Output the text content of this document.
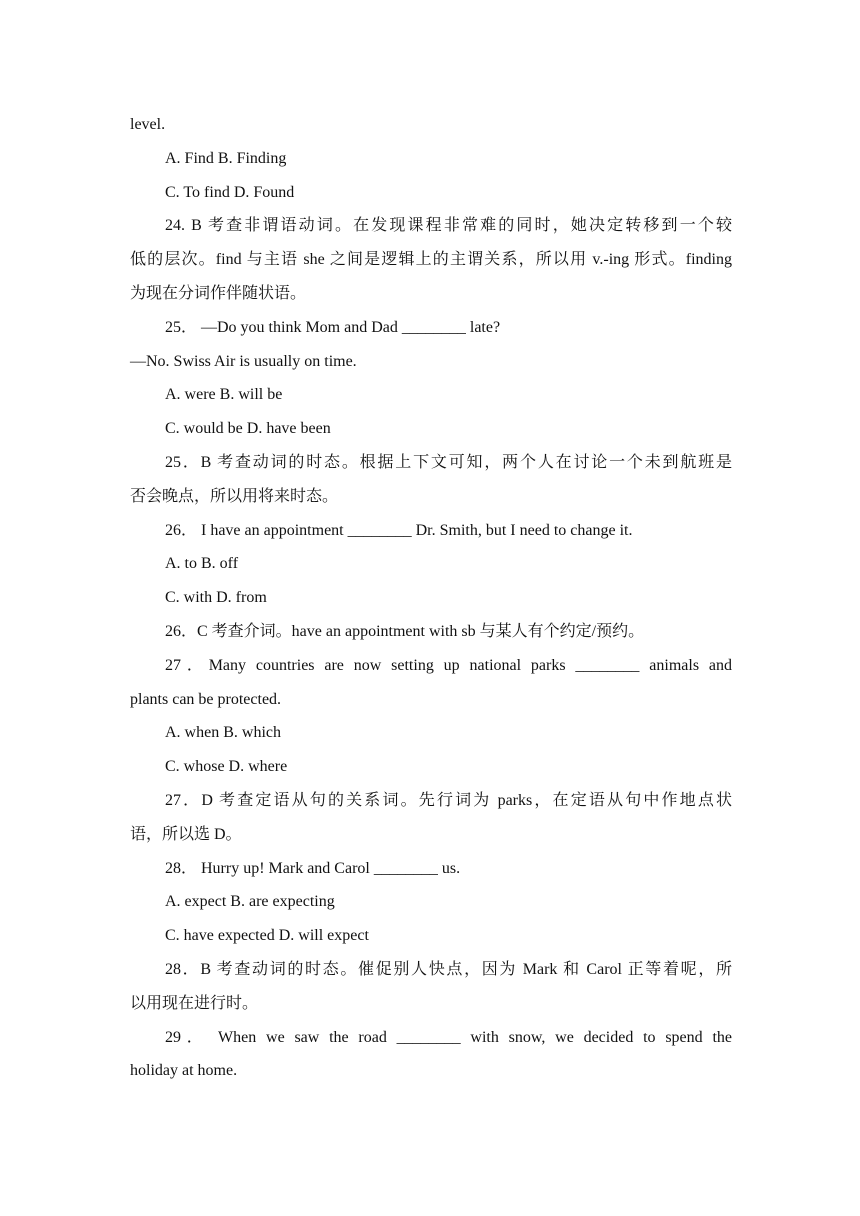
level.
A. Find B. Finding
C. To find D. Found
24. B 考查非谓语动词。在发现课程非常难的同时，她决定转移到一个较
低的层次。find 与主语 she 之间是逻辑上的主谓关系，所以用 v.-ing 形式。finding
为现在分词作伴随状语。
25． —Do you think Mom and Dad ________ late?
—No. Swiss Air is usually on time.
A. were B. will be
C. would be D. have been
25．B 考查动词的时态。根据上下文可知，两个人在讨论一个未到航班是
否会晚点，所以用将来时态。
26． I have an appointment ________ Dr. Smith, but I need to change it.
A. to B. off
C. with D. from
26．C 考查介词。have an appointment with sb 与某人有个约定/预约。
27．Many countries are now setting up national parks ________ animals and
plants can be protected.
A. when B. which
C. whose D. where
27．D 考查定语从句的关系词。先行词为 parks，在定语从句中作地点状
语，所以选 D。
28． Hurry up! Mark and Carol ________ us.
A. expect B. are expecting
C. have expected D. will expect
28．B 考查动词的时态。催促别人快点，因为 Mark 和 Carol 正等着呢，所
以用现在进行时。
29． When we saw the road ________ with snow, we decided to spend the
holiday at home.
